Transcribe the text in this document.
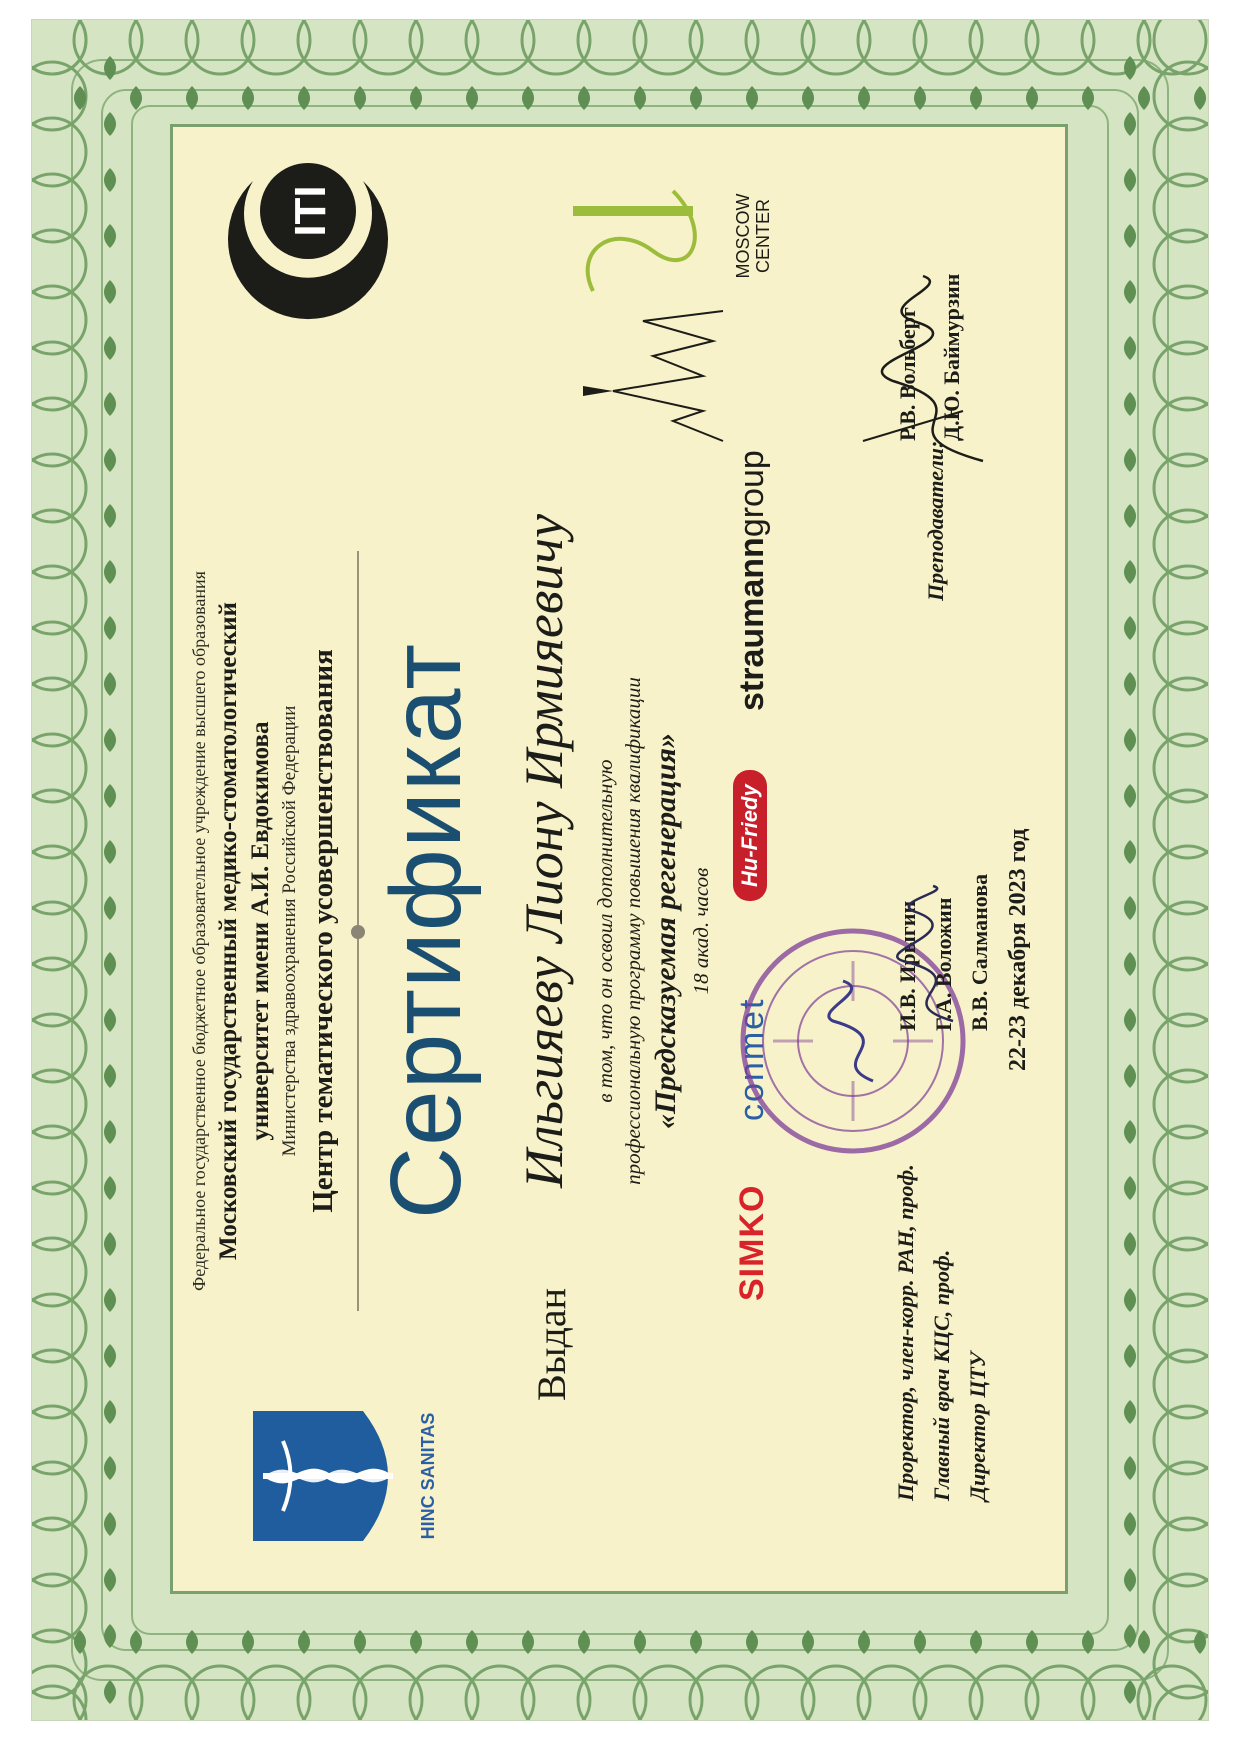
HINC SANITAS
Федеральное государственное бюджетное образовательное учреждение высшего образования Московский государственный медико-стоматологический университет имени А.И. Евдокимова Министерства здравоохранения Российской Федерации Центр тематического усовершенствования
ITI
Сертификат
Выдан
Ильгияеву Лиону Ирмияевичу в том, что он освоил дополнительную профессиональную программу повышения квалификации «Предсказуемая регенерация» 18 акад. часов
SIMKO
conmet
Hu-Friedy
straumanngroup
MOSCOW CENTER
Проректор, член-корр. РАН, проф. Главный врач КЦС, проф. Директор ЦТУ
И.В. Ирыгин Г.А. Воложин В.В. Салманова 22-23 декабря 2023 год
Преподаватели:
Р.В. Вольберг Д.Ю. Баймурзин
